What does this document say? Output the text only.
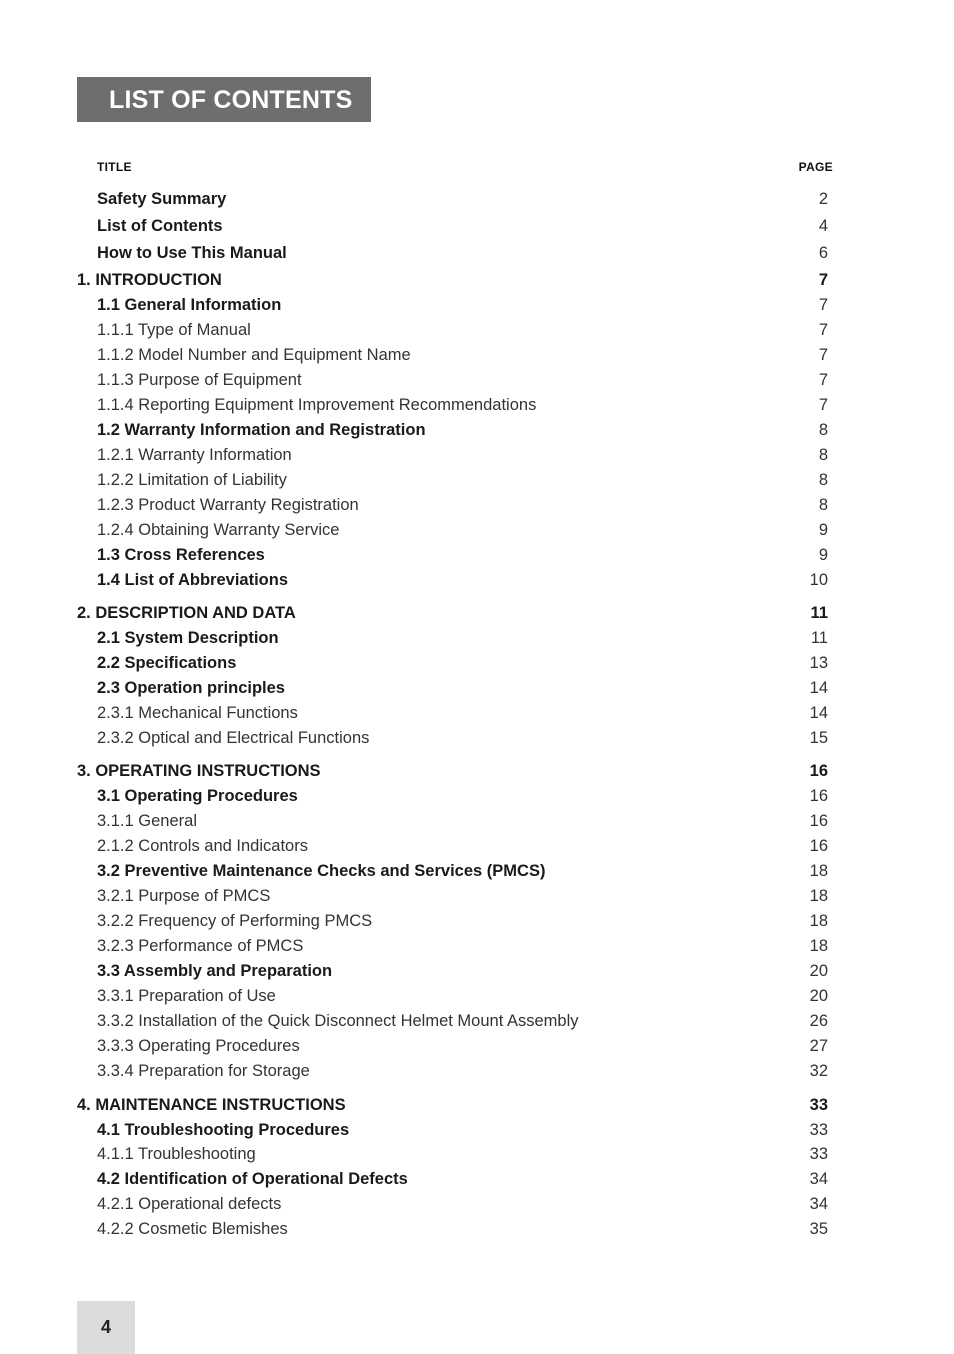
LIST OF CONTENTS
TITLE	PAGE
Safety Summary	2
List of Contents	4
How to Use This Manual	6
1. INTRODUCTION	7
1.1 General Information	7
1.1.1 Type of Manual	7
1.1.2 Model Number and Equipment Name	7
1.1.3 Purpose of Equipment	7
1.1.4 Reporting Equipment Improvement Recommendations	7
1.2 Warranty Information and Registration	8
1.2.1 Warranty Information	8
1.2.2 Limitation of Liability	8
1.2.3 Product Warranty Registration	8
1.2.4 Obtaining Warranty Service	9
1.3 Cross References	9
1.4 List of Abbreviations	10
2. DESCRIPTION AND DATA	11
2.1 System Description	11
2.2 Specifications	13
2.3 Operation principles	14
2.3.1 Mechanical Functions	14
2.3.2 Optical and Electrical Functions	15
3. OPERATING INSTRUCTIONS	16
3.1 Operating Procedures	16
3.1.1 General	16
2.1.2 Controls and Indicators	16
3.2 Preventive Maintenance Checks and Services (PMCS)	18
3.2.1 Purpose of PMCS	18
3.2.2 Frequency of Performing PMCS	18
3.2.3 Performance of PMCS	18
3.3 Assembly and Preparation	20
3.3.1 Preparation of Use	20
3.3.2 Installation of the Quick Disconnect Helmet Mount Assembly	26
3.3.3 Operating Procedures	27
3.3.4 Preparation for Storage	32
4. MAINTENANCE INSTRUCTIONS	33
4.1 Troubleshooting Procedures	33
4.1.1 Troubleshooting	33
4.2 Identification of Operational Defects	34
4.2.1 Operational defects	34
4.2.2 Cosmetic Blemishes	35
4
